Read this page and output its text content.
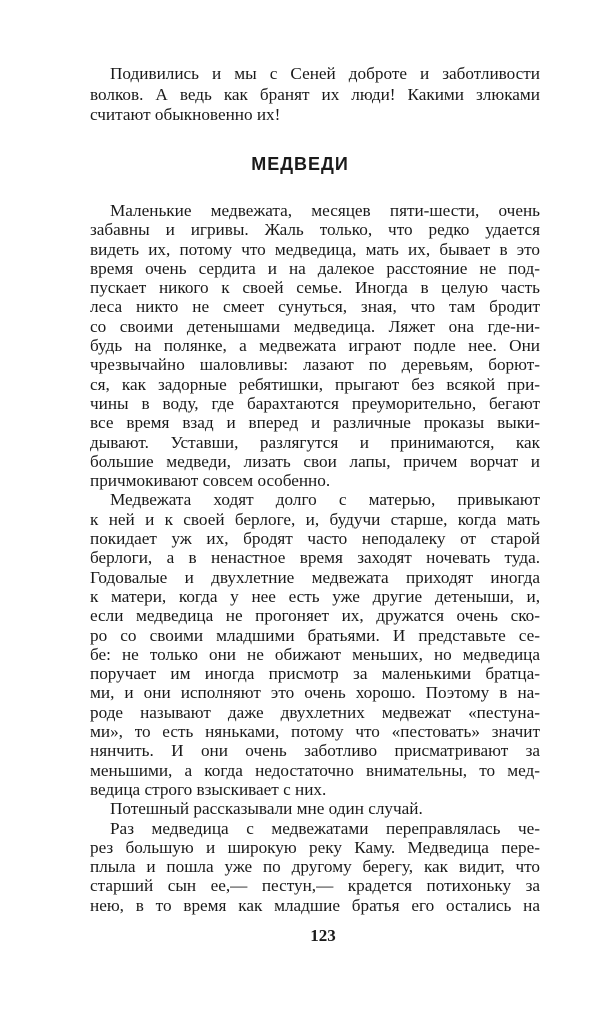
Подивились и мы с Сеней доброте и заботливости
волков. А ведь как бранят их люди! Какими злюками
считают обыкновенно их!
МЕДВЕДИ
Маленькие медвежата, месяцев пяти-шести, очень
забавны и игривы. Жаль только, что редко удается
видеть их, потому что медведица, мать их, бывает в это
время очень сердита и на далекое расстояние не под-
пускает никого к своей семье. Иногда в целую часть
леса никто не смеет сунуться, зная, что там бродит
со своими детенышами медведица. Ляжет она где-ни-
будь на полянке, а медвежата играют подле нее. Они
чрезвычайно шаловливы: лазают по деревьям, борют-
ся, как задорные ребятишки, прыгают без всякой при-
чины в воду, где барахтаются преуморительно, бегают
все время взад и вперед и различные проказы выки-
дывают. Уставши, разлягутся и принимаются, как
большие медведи, лизать свои лапы, причем ворчат и
причмокивают совсем особенно.
Медвежата ходят долго с матерью, привыкают
к ней и к своей берлоге, и, будучи старше, когда мать
покидает уж их, бродят часто неподалеку от старой
берлоги, а в ненастное время заходят ночевать туда.
Годовалые и двухлетние медвежата приходят иногда
к матери, когда у нее есть уже другие детеныши, и,
если медведица не прогоняет их, дружатся очень ско-
ро со своими младшими братьями. И представьте се-
бе: не только они не обижают меньших, но медведица
поручает им иногда присмотр за маленькими братца-
ми, и они исполняют это очень хорошо. Поэтому в на-
роде называют даже двухлетних медвежат «пестуна-
ми», то есть няньками, потому что «пестовать» значит
нянчить. И они очень заботливо присматривают за
меньшими, а когда недостаточно внимательны, то мед-
ведица строго взыскивает с них.
Потешный рассказывали мне один случай.
Раз медведица с медвежатами переправлялась че-
рез большую и широкую реку Каму. Медведица пере-
плыла и пошла уже по другому берегу, как видит, что
старший сын ее,— пестун,— крадется потихоньку за
нею, в то время как младшие братья его остались на
123
